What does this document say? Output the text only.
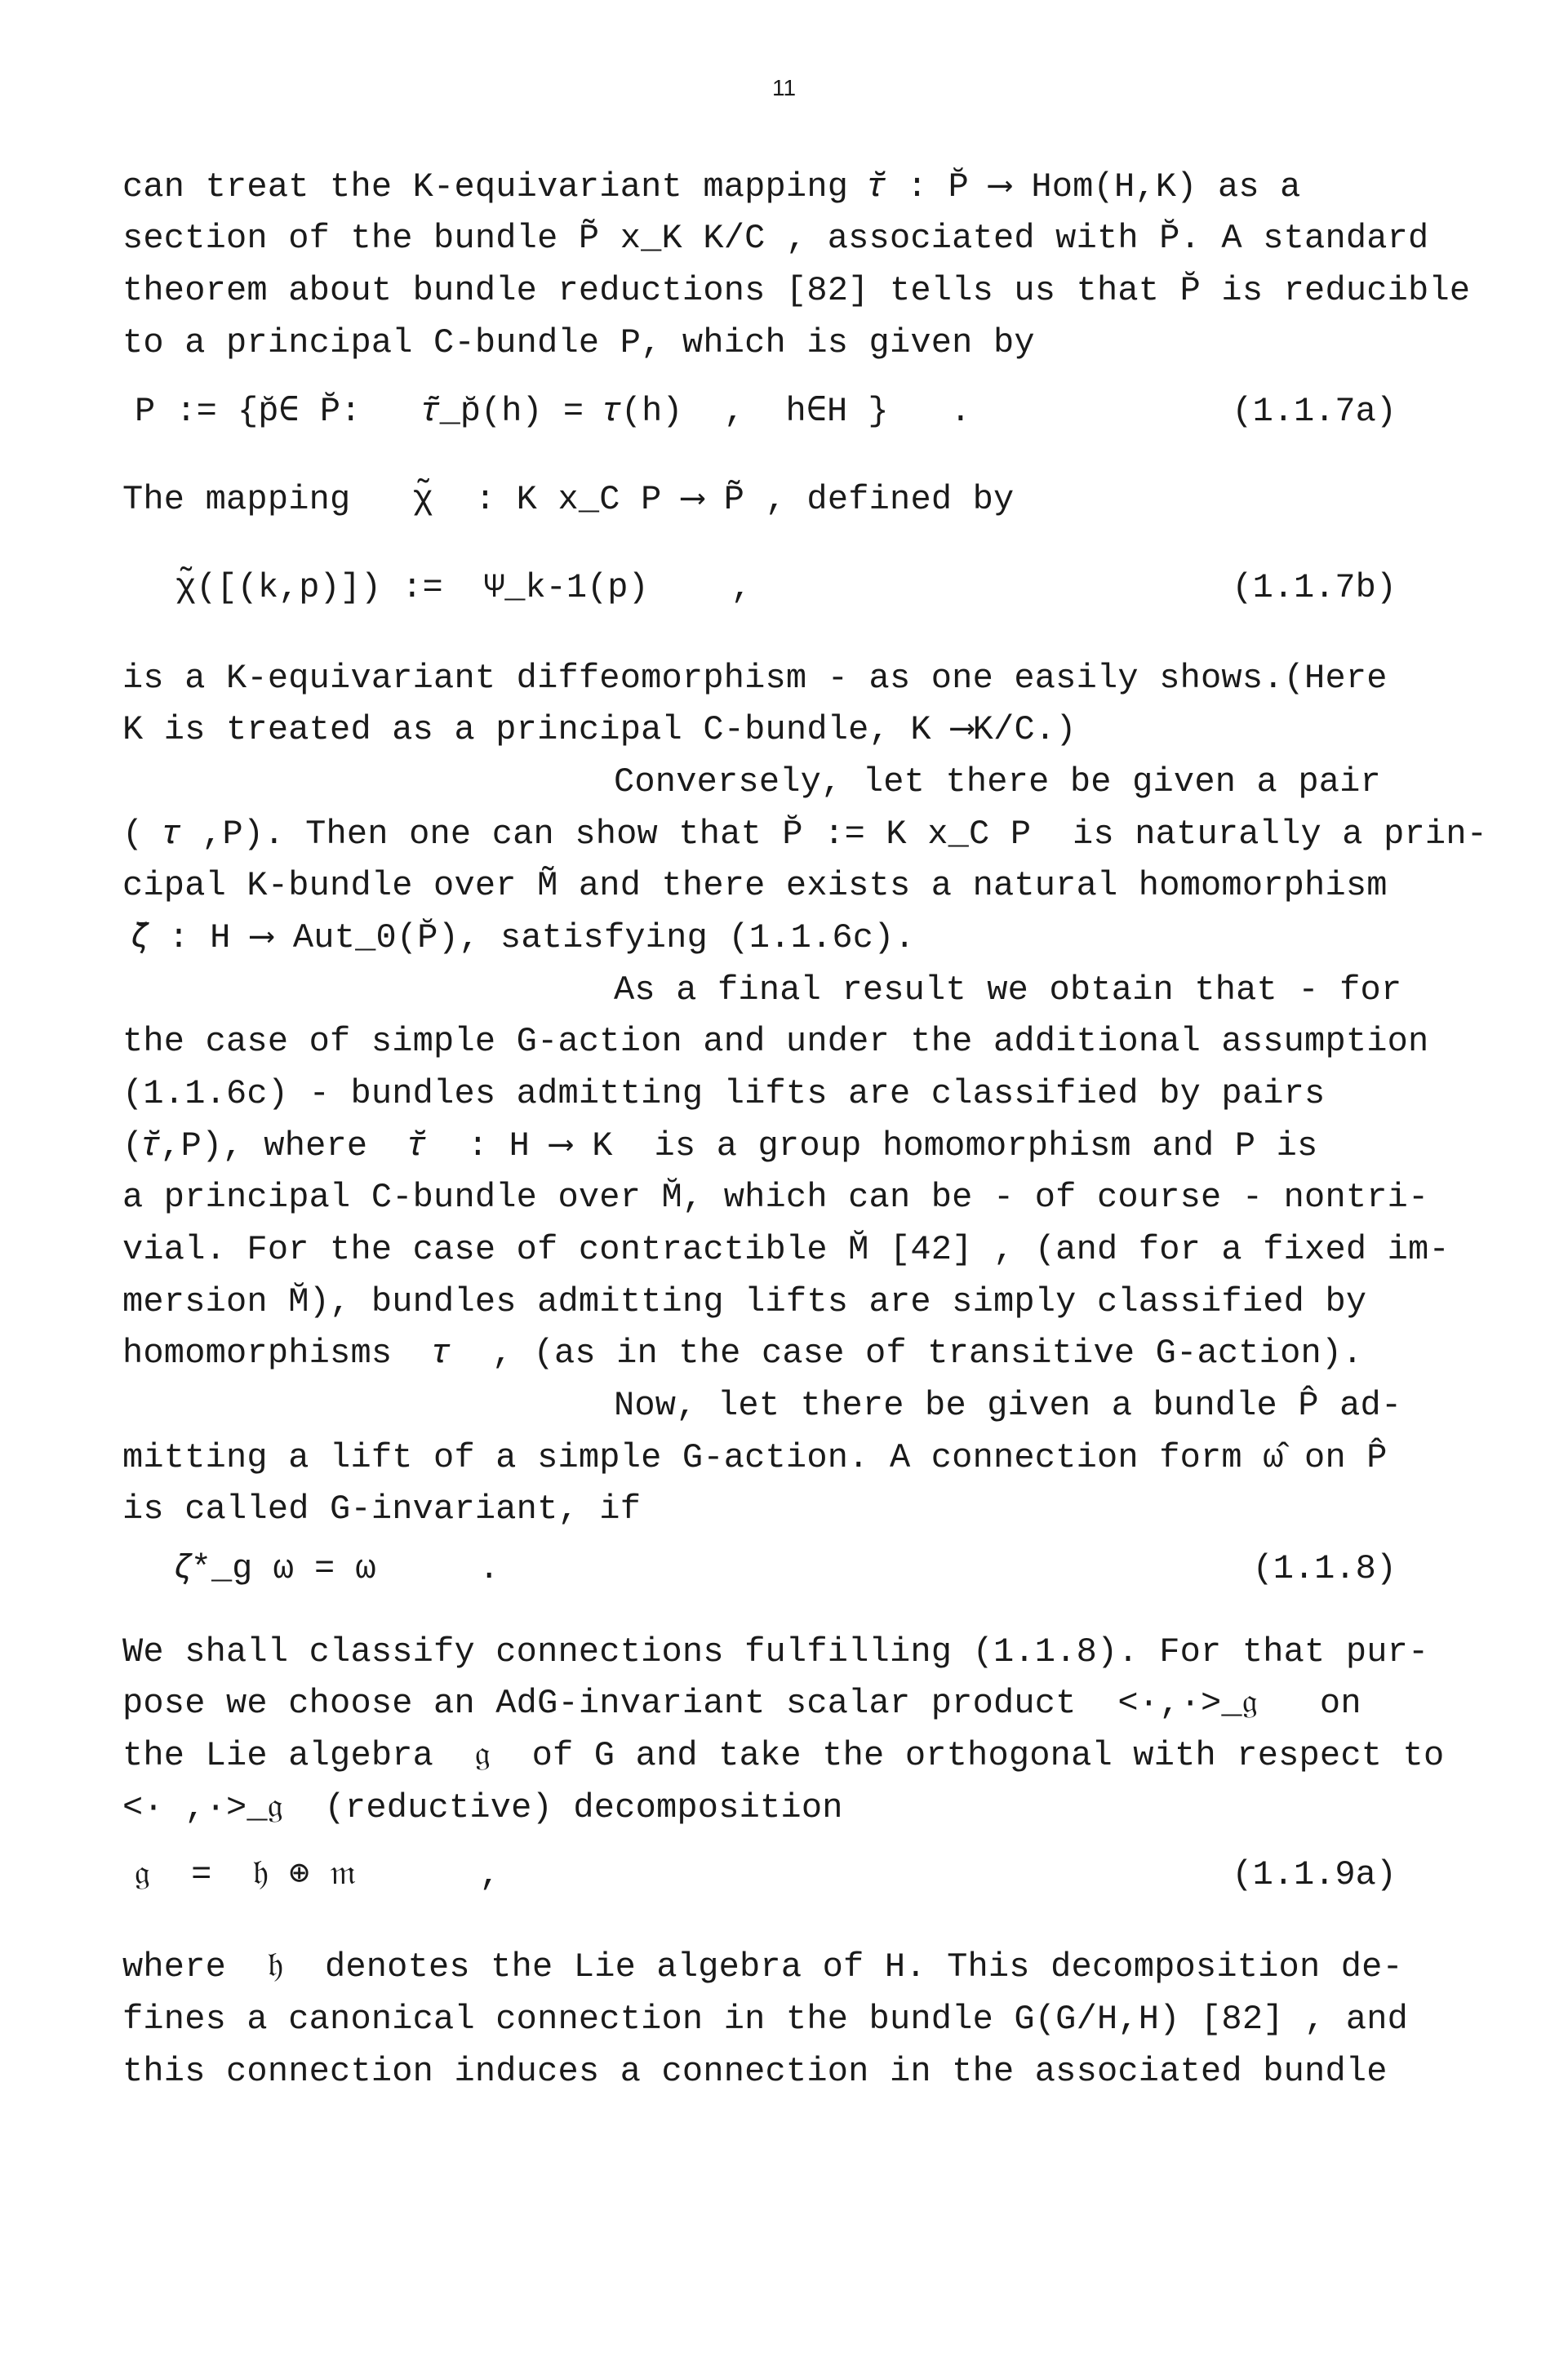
11
can treat the K-equivariant mapping 𝜏̆ : P̆ ⟶ Hom(H,K) as a
section of the bundle P̃ x_K K/C , associated with P̆. A standard
theorem about bundle reductions [82] tells us that P̆ is reducible
to a principal C-bundle P, which is given by
P := {p̆∈ P̆:   𝜏̃_p̆(h) = 𝜏(h)  ,  h∈H }   .	(1.1.7a)
The mapping   χ̃  : K x_C P ⟶ P̃ , defined by
χ̃([(k,p)]) :=  Ψ_k-1(p)    ,	(1.1.7b)
is a K-equivariant diffeomorphism - as one easily shows.(Here
K is treated as a principal C-bundle, K ⟶K/C.)
Conversely, let there be given a pair
( 𝜏 ,P). Then one can show that P̆ := K x_C P  is naturally a prin-
cipal K-bundle over M̃ and there exists a natural homomorphism
𝜁̆ : H ⟶ Aut_0(P̆), satisfying (1.1.6c).
As a final result we obtain that - for
the case of simple G-action and under the additional assumption
(1.1.6c) - bundles admitting lifts are classified by pairs
(𝜏̆,P), where  𝜏̆  : H ⟶ K  is a group homomorphism and P is
a principal C-bundle over M̆, which can be - of course - nontri-
vial. For the case of contractible M̆ [42] , (and for a fixed im-
mersion M̆), bundles admitting lifts are simply classified by
homomorphisms  𝜏  , (as in the case of transitive G-action).
Now, let there be given a bundle P̂ ad-
mitting a lift of a simple G-action. A connection form ω̂ on P̂
is called G-invariant, if
𝜁*_g ω = ω     .	(1.1.8)
We shall classify connections fulfilling (1.1.8). For that pur-
pose we choose an AdG-invariant scalar product  <·,·>_𝔤   on
the Lie algebra  𝔤  of G and take the orthogonal with respect to
<· ,·>_𝔤  (reductive) decomposition
𝔤  =  𝔥 ⊕ 𝔪      ,	(1.1.9a)
where  𝔥  denotes the Lie algebra of H. This decomposition de-
fines a canonical connection in the bundle G(G/H,H) [82] , and
this connection induces a connection in the associated bundle
